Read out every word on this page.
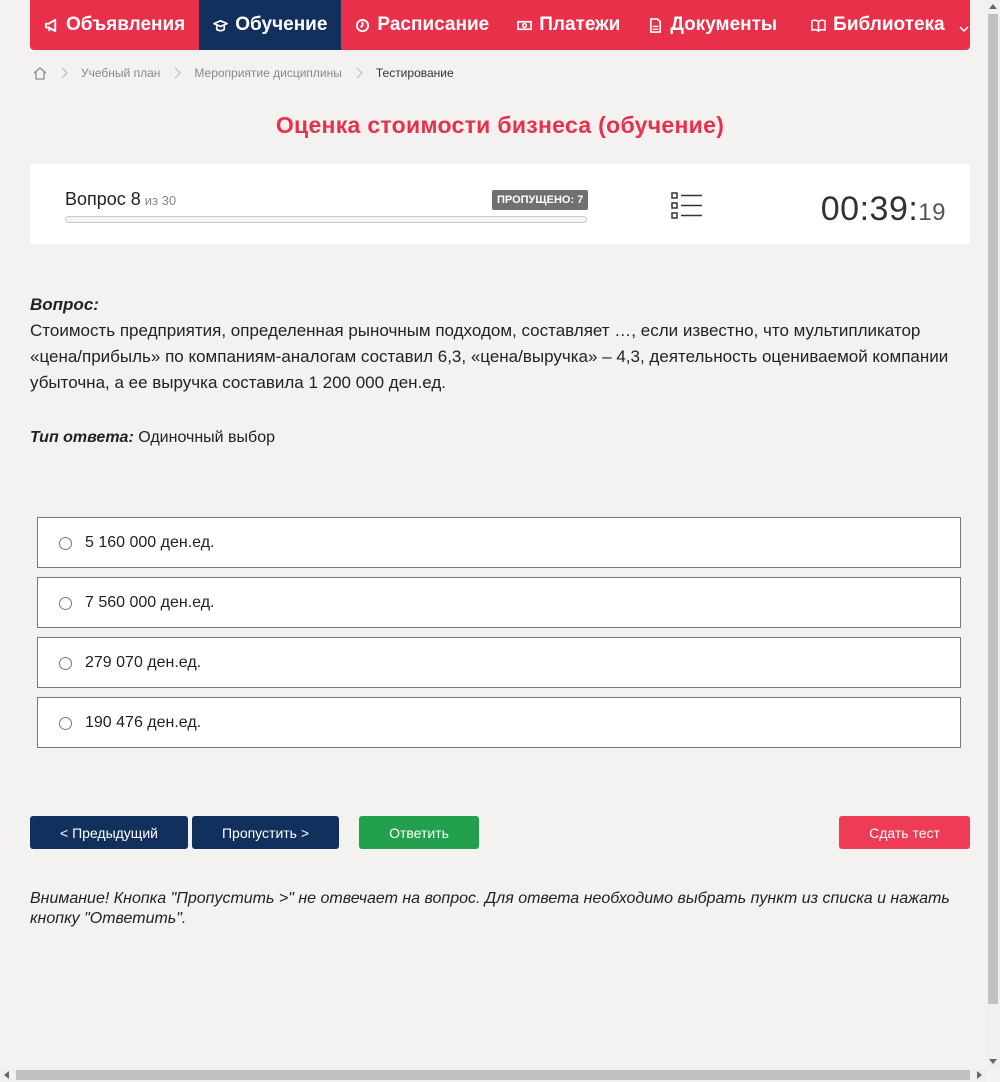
Объявления	Обучение	Расписание	Платежи	Документы	Библиотека
Учебный план	Мероприятие дисциплины	Тестирование
Оценка стоимости бизнеса (обучение)
Вопрос 8 из 30	ПРОПУЩЕНО: 7	00:39:19
Вопрос:
Стоимость предприятия, определенная рыночным подходом, составляет …, если известно, что мультипликатор «цена/прибыль» по компаниям-аналогам составил 6,3, «цена/выручка» – 4,3, деятельность оцениваемой компании убыточна, а ее выручка составила 1 200 000 ден.ед.
Тип ответа: Одиночный выбор
5 160 000 ден.ед.
7 560 000 ден.ед.
279 070 ден.ед.
190 476 ден.ед.
< Предыдущий	Пропустить >	Ответить	Сдать тест
Внимание! Кнопка "Пропустить >" не отвечает на вопрос. Для ответа необходимо выбрать пункт из списка и нажать кнопку "Ответить".
